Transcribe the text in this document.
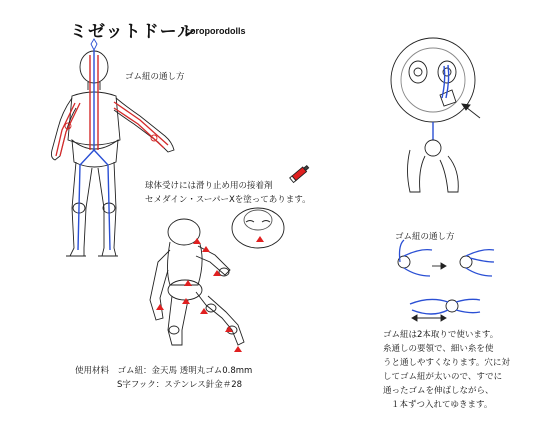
ミゼットドール
coroporodolls
ゴム紐の通し方
球体受けには滑り止め用の接着剤
セメダイン・スーパーXを塗ってあります。
ゴム紐の通し方
使用材料　ゴム紐：金天馬 透明丸ゴム0.8mm
S字フック：ステンレス針金＃28
ゴム紐は2本取りで使います。
糸通しの要領で、細い糸を使
うと通しやすくなります。穴に対
してゴム紐が太いので、すでに
通ったゴムを伸ばしながら、
１本ずつ入れてゆきます。
